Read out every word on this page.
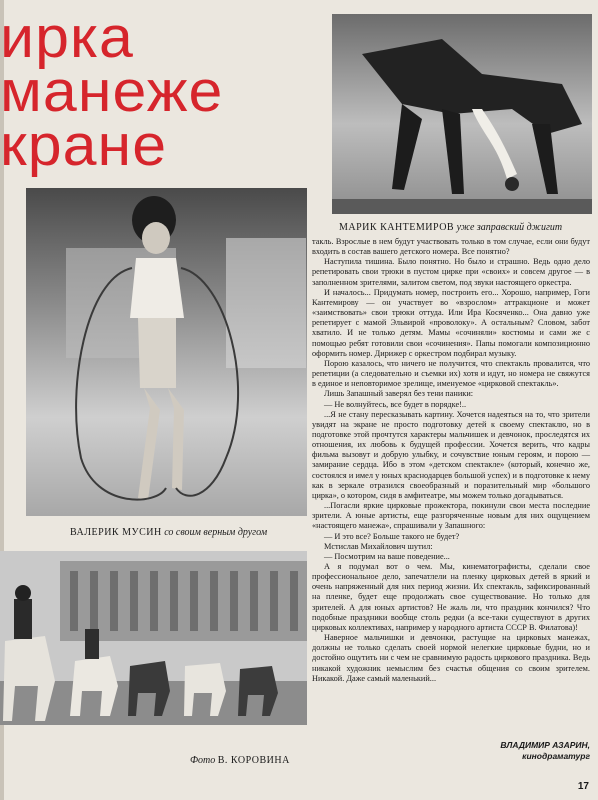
ирка
манеже
кране
МАРИК КАНТЕМИРОВ уже заправский джигит
ВАЛЕРИК МУСИН со своим верным другом
Фото В. КОРОВИНА

такль. Взрослые в нем будут участвовать только в том случае, если они будут входить в состав вашего детского номера. Все понятно?

Наступила тишина. Было понятно. Но было и страшно. Ведь одно дело репетировать свои трюки в пустом цирке при «своих» и совсем другое — в заполненном зрителями, залитом светом, под звуки настоящего оркестра.

И началось... Придумать номер, построить его... Хорошо, например, Гоги Кантемирову — он участвует во «взрослом» аттракционе и может «заимствовать» свои трюки оттуда. Или Ира Косяченко... Она давно уже репетирует с мамой Эльвирой «проволоку». А остальным? Словом, забот хватило. И не только детям. Мамы «сочиняли» костюмы и сами же с помощью ребят готовили свои «сочинения». Папы помогали композиционно оформить номер. Дирижер с оркестром подбирал музыку.

Порою казалось, что ничего не получится, что спектакль провалится, что репетиции (а следовательно и съемки их) хотя и идут, но номера не свяжутся в единое и неповторимое зрелище, именуемое «цирковой спектакль».

Лишь Запашный заверял без тени паники:

— Не волнуйтесь, все будет в порядке!..

...Я не стану пересказывать картину. Хочется надеяться на то, что зрители увидят на экране не просто подготовку детей к своему спектаклю, но в подготовке этой прочтутся характеры мальчишек и девчонок, проследятся их отношения, их любовь к будущей профессии. Хочется верить, что кадры фильма вызовут и добрую улыбку, и сочувствие юным героям, и порою — замирание сердца. Ибо в этом «детском спектакле» (который, конечно же, состоялся и имел у юных краснодарцев большой успех) и в подготовке к нему как в зеркале отразился своеобразный и поразительный мир «большого цирка», о котором, сидя в амфитеатре, мы можем только догадываться.

...Погасли яркие цирковые прожектора, покинули свои места последние зрители. А юные артисты, еще разгоряченные новым для них ощущением «настоящего манежа», спрашивали у Запашного:

— И это все? Больше такого не будет?

Мстислав Михайлович шутил:

— Посмотрим на ваше поведение...

А я подумал вот о чем. Мы, кинематографисты, сделали свое профессиональное дело, запечатлели на пленку цирковых детей в яркий и очень напряженный для них период жизни. Их спектакль, зафиксированный на пленке, будет еще продолжать свое существование. Но только для зрителей. А для юных артистов? Не жаль ли, что праздник кончился? Что подобные праздники вообще столь редки (а все-таки существуют в других цирковых коллективах, например у народного артиста СССР В. Филатова)!

Наверное мальчишки и девчонки, растущие на цирковых манежах, должны не только сделать своей нормой нелегкие цирковые будни, но и достойно ощутить ни с чем не сравнимую радость циркового праздника. Ведь никакой художник немыслим без счастья общения со своим зрителем. Никакой. Даже самый маленький...

ВЛАДИМИР АЗАРИН,
кинодраматург
17
